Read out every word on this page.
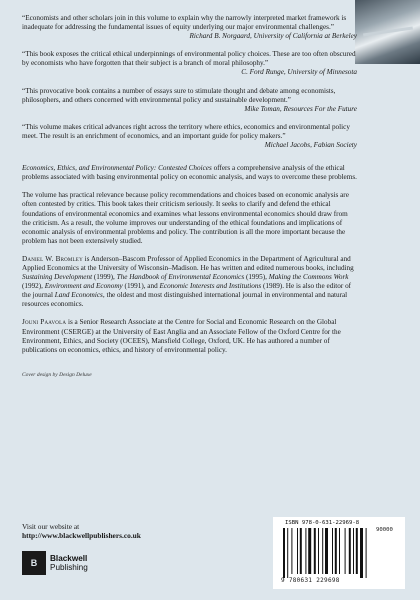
“Economists and other scholars join in this volume to explain why the narrowly interpreted market framework is inadequate for addressing the fundamental issues of equity underlying our major environmental challenges.”
Richard B. Norgaard, University of California at Berkeley
“This book exposes the critical ethical underpinnings of environmental policy choices. These are too often obscured by economists who have forgotten that their subject is a branch of moral philosophy.”
C. Ford Runge, University of Minnesota
“This provocative book contains a number of essays sure to stimulate thought and debate among economists, philosophers, and others concerned with environmental policy and sustainable development.”
Mike Toman, Resources For the Future
“This volume makes critical advances right across the territory where ethics, economics and environmental policy meet. The result is an enrichment of economics, and an important guide for policy makers.”
Michael Jacobs, Fabian Society
Economics, Ethics, and Environmental Policy: Contested Choices offers a comprehensive analysis of the ethical problems associated with basing environmental policy on economic analysis, and ways to overcome these problems.
The volume has practical relevance because policy recommendations and choices based on economic analysis are often contested by critics. This book takes their criticism seriously. It seeks to clarify and defend the ethical foundations of environmental economics and examines what lessons environmental economics should draw from the criticism. As a result, the volume improves our understanding of the ethical foundations and implications of economic analysis of environmental problems and policy. The contribution is all the more important because the problem has not been extensively studied.
Daniel W. Bromley is Anderson–Bascom Professor of Applied Economics in the Department of Agricultural and Applied Economics at the University of Wisconsin–Madison. He has written and edited numerous books, including Sustaining Development (1999), The Handbook of Environmental Economics (1995), Making the Commons Work (1992), Environment and Economy (1991), and Economic Interests and Institutions (1989). He is also the editor of the journal Land Economics, the oldest and most distinguished international journal in environmental and natural resources economics.
Jouni Paavola is a Senior Research Associate at the Centre for Social and Economic Research on the Global Environment (CSERGE) at the University of East Anglia and an Associate Fellow of the Oxford Centre for the Environment, Ethics, and Society (OCEES), Mansfield College, Oxford, UK. He has authored a number of publications on economics, ethics, and history of environmental policy.
Cover design by Design Deluxe
Visit our website at
http://www.blackwellpublishers.co.uk
B	Blackwell
Publishing
ISBN 978-0-631-22969-8
90000
9 780631 229698
